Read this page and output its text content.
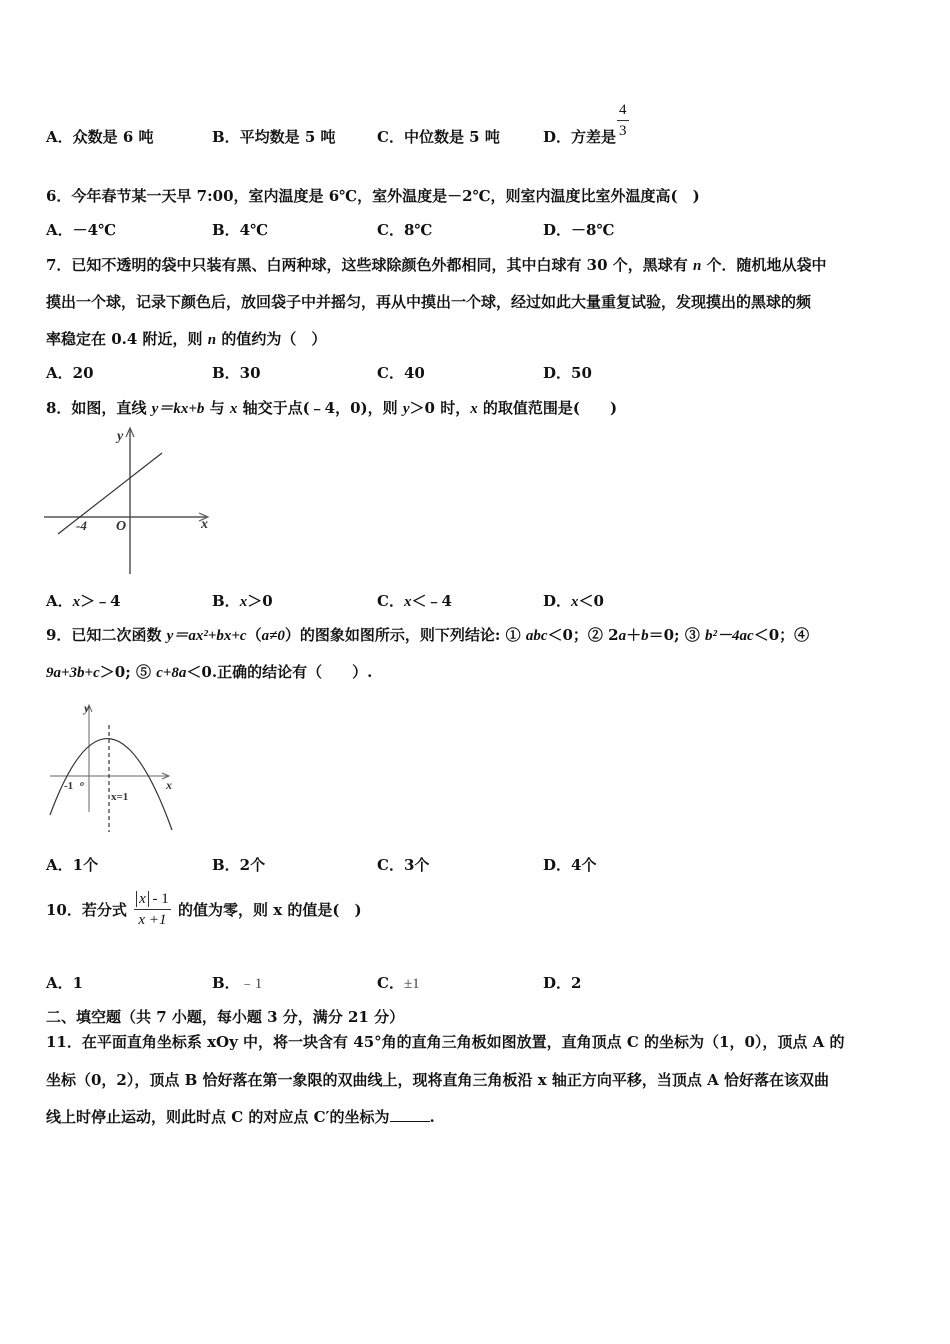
A．众数是 6 吨	B．平均数是 5 吨	C．中位数是 5 吨	D．方差是 $\frac{4}{3}$
6．今年春节某一天早 7:00，室内温度是 6℃，室外温度是－2℃，则室内温度比室外温度高(　)
A．－4℃	B．4℃	C．8℃	D．－8℃
7．已知不透明的袋中只装有黑、白两种球，这些球除颜色外都相同，其中白球有 30 个，黑球有 n 个．随机地从袋中
摸出一个球，记录下颜色后，放回袋子中并摇匀，再从中摸出一个球，经过如此大量重复试验，发现摸出的黑球的频
率稳定在 0.4 附近，则 n 的值约为（　）
A．20	B．30	C．40	D．50
8．如图，直线 y＝kx+b 与 x 轴交于点(﹣4，0)，则 y＞0 时，x 的取值范围是(　　)
y
x
O
-4
A．x＞﹣4	B．x＞0	C．x＜﹣4	D．x＜0
9．已知二次函数 y＝ax²+bx+c（a≠0）的图象如图所示，则下列结论: ① abc＜0；② 2a＋b＝0; ③ b²－4ac＜0；④
9a+3b+c＞0; ⑤ c+8a＜0.正确的结论有（　　）.
y
x
o
-1
x=1
A．1个	B．2个	C．3个	D．4个
10．若分式 $\frac{x - 1}{x +1}$ 的值为零，则 x 的值是(　)
A．1	B．﹣1	C．±1	D．2
二、填空题（共 7 小题，每小题 3 分，满分 21 分）
11．在平面直角坐标系 xOy 中，将一块含有 45°角的直角三角板如图放置，直角顶点 C 的坐标为（1，0），顶点 A 的
坐标（0，2），顶点 B 恰好落在第一象限的双曲线上，现将直角三角板沿 x 轴正方向平移，当顶点 A 恰好落在该双曲
线上时停止运动，则此时点 C 的对应点 C′的坐标为	.
